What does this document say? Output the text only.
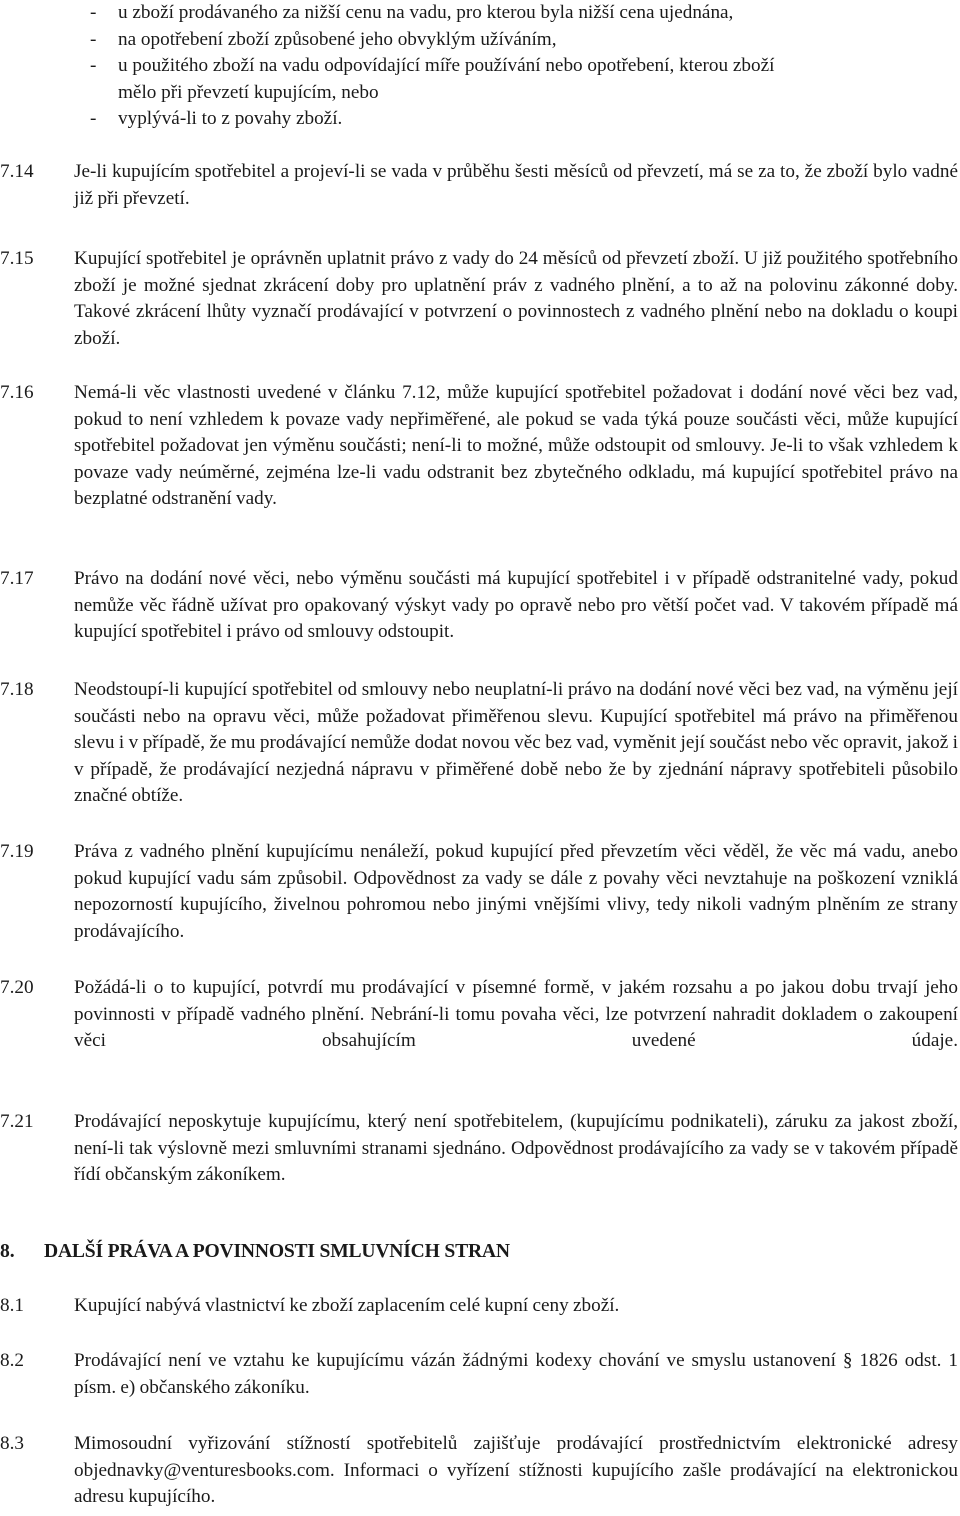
- u zboží prodávaného za nižší cenu na vadu, pro kterou byla nižší cena ujednána,
- na opotřebení zboží způsobené jeho obvyklým užíváním,
- u použitého zboží na vadu odpovídající míře používání nebo opotřebení, kterou zboží
mělo při převzetí kupujícím, nebo
- vyplývá-li to z povahy zboží.
7.14	Je-li kupujícím spotřebitel a projeví-li se vada v průběhu šesti měsíců od převzetí, má se za to, že zboží bylo vadné již při převzetí.
7.15	Kupující spotřebitel je oprávněn uplatnit právo z vady do 24 měsíců od převzetí zboží. U již použitého spotřebního zboží je možné sjednat zkrácení doby pro uplatnění práv z vadného plnění, a to až na polovinu zákonné doby. Takové zkrácení lhůty vyznačí prodávající v potvrzení o povinnostech z vadného plnění nebo na dokladu o koupi zboží.
7.16	Nemá-li věc vlastnosti uvedené v článku 7.12, může kupující spotřebitel požadovat i dodání nové věci bez vad, pokud to není vzhledem k povaze vady nepřiměřené, ale pokud se vada týká pouze součásti věci, může kupující spotřebitel požadovat jen výměnu součásti; není-li to možné, může odstoupit od smlouvy. Je-li to však vzhledem k povaze vady neúměrné, zejména lze-li vadu odstranit bez zbytečného odkladu, má kupující spotřebitel právo na bezplatné odstranění vady.
7.17	Právo na dodání nové věci, nebo výměnu součásti má kupující spotřebitel i v případě odstranitelné vady, pokud nemůže věc řádně užívat pro opakovaný výskyt vady po opravě nebo pro větší počet vad. V takovém případě má kupující spotřebitel i právo od smlouvy odstoupit.
7.18	Neodstoupí-li kupující spotřebitel od smlouvy nebo neuplatní-li právo na dodání nové věci bez vad, na výměnu její součásti nebo na opravu věci, může požadovat přiměřenou slevu. Kupující spotřebitel má právo na přiměřenou slevu i v případě, že mu prodávající nemůže dodat novou věc bez vad, vyměnit její součást nebo věc opravit, jakož i v případě, že prodávající nezjedná nápravu v přiměřené době nebo že by zjednání nápravy spotřebiteli působilo značné obtíže.
7.19	Práva z vadného plnění kupujícímu nenáleží, pokud kupující před převzetím věci věděl, že věc má vadu, anebo pokud kupující vadu sám způsobil. Odpovědnost za vady se dále z povahy věci nevztahuje na poškození vzniklá nepozorností kupujícího, živelnou pohromou nebo jinými vnějšími vlivy, tedy nikoli vadným plněním ze strany prodávajícího.
7.20	Požádá-li o to kupující, potvrdí mu prodávající v písemné formě, v jakém rozsahu a po jakou dobu trvají jeho povinnosti v případě vadného plnění. Nebrání-li tomu povaha věci, lze potvrzení nahradit dokladem o zakoupení věci obsahujícím uvedené údaje.
7.21	Prodávající neposkytuje kupujícímu, který není spotřebitelem, (kupujícímu podnikateli), záruku za jakost zboží, není-li tak výslovně mezi smluvními stranami sjednáno. Odpovědnost prodávajícího za vady se v takovém případě řídí občanským zákoníkem.
8. DALŠÍ PRÁVA A POVINNOSTI SMLUVNÍCH STRAN
8.1	Kupující nabývá vlastnictví ke zboží zaplacením celé kupní ceny zboží.
8.2	Prodávající není ve vztahu ke kupujícímu vázán žádnými kodexy chování ve smyslu ustanovení § 1826 odst. 1 písm. e) občanského zákoníku.
8.3	Mimosoudní vyřizování stížností spotřebitelů zajišťuje prodávající prostřednictvím elektronické adresy objednavky@venturesbooks.com. Informaci o vyřízení stížnosti kupujícího zašle prodávající na elektronickou adresu kupujícího.
